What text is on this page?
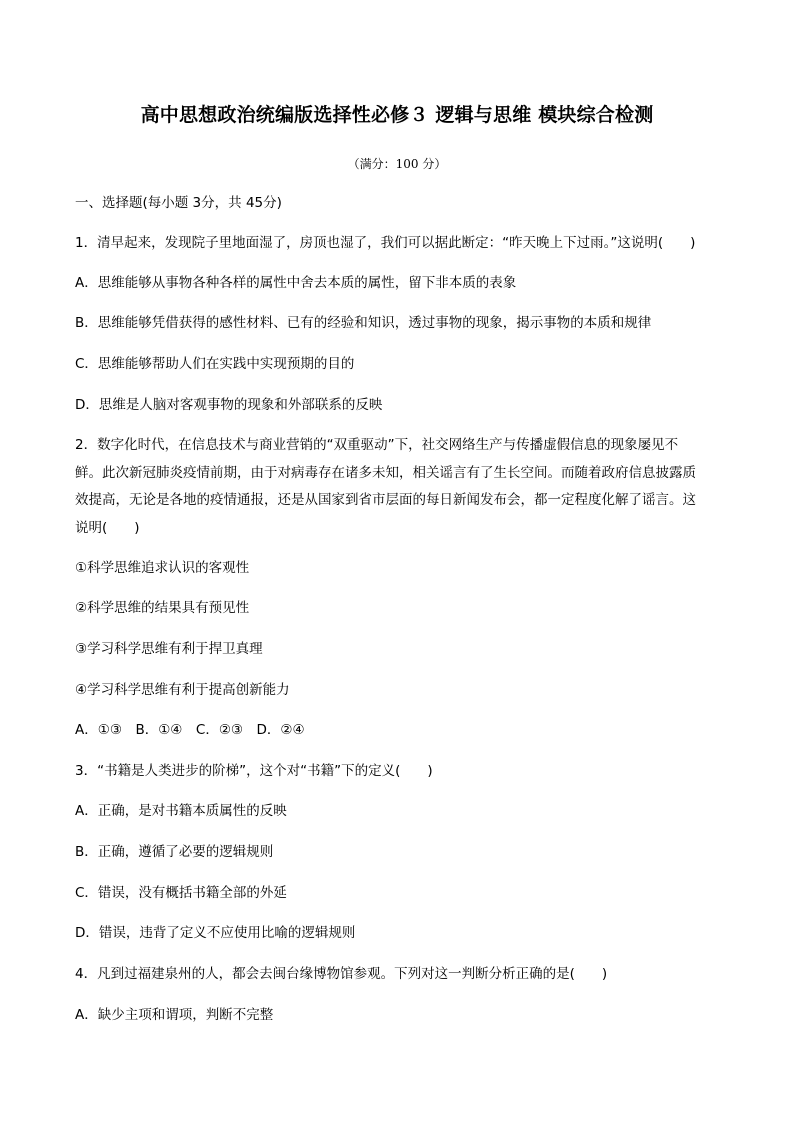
高中思想政治统编版选择性必修３ 逻辑与思维 模块综合检测
（满分：100 分）
一、选择题(每小题 3分，共 45分)
1．清早起来，发现院子里地面湿了，房顶也湿了，我们可以据此断定：“昨天晚上下过雨。”这说明(　　)
A．思维能够从事物各种各样的属性中舍去本质的属性，留下非本质的表象
B．思维能够凭借获得的感性材料、已有的经验和知识，透过事物的现象，揭示事物的本质和规律
C．思维能够帮助人们在实践中实现预期的目的
D．思维是人脑对客观事物的现象和外部联系的反映
2．数字化时代，在信息技术与商业营销的“双重驱动”下，社交网络生产与传播虚假信息的现象屡见不
鲜。此次新冠肺炎疫情前期，由于对病毒存在诸多未知，相关谣言有了生长空间。而随着政府信息披露质
效提高，无论是各地的疫情通报，还是从国家到省市层面的每日新闻发布会，都一定程度化解了谣言。这
说明(　　)
①科学思维追求认识的客观性
②科学思维的结果具有预见性
③学习科学思维有利于捍卫真理
④学习科学思维有利于提高创新能力
A．①③　B．①④　C．②③　D．②④
3．“书籍是人类进步的阶梯”，这个对“书籍”下的定义(　　)
A．正确，是对书籍本质属性的反映
B．正确，遵循了必要的逻辑规则
C．错误，没有概括书籍全部的外延
D．错误，违背了定义不应使用比喻的逻辑规则
4．凡到过福建泉州的人，都会去闽台缘博物馆参观。下列对这一判断分析正确的是(　　)
A．缺少主项和谓项，判断不完整
